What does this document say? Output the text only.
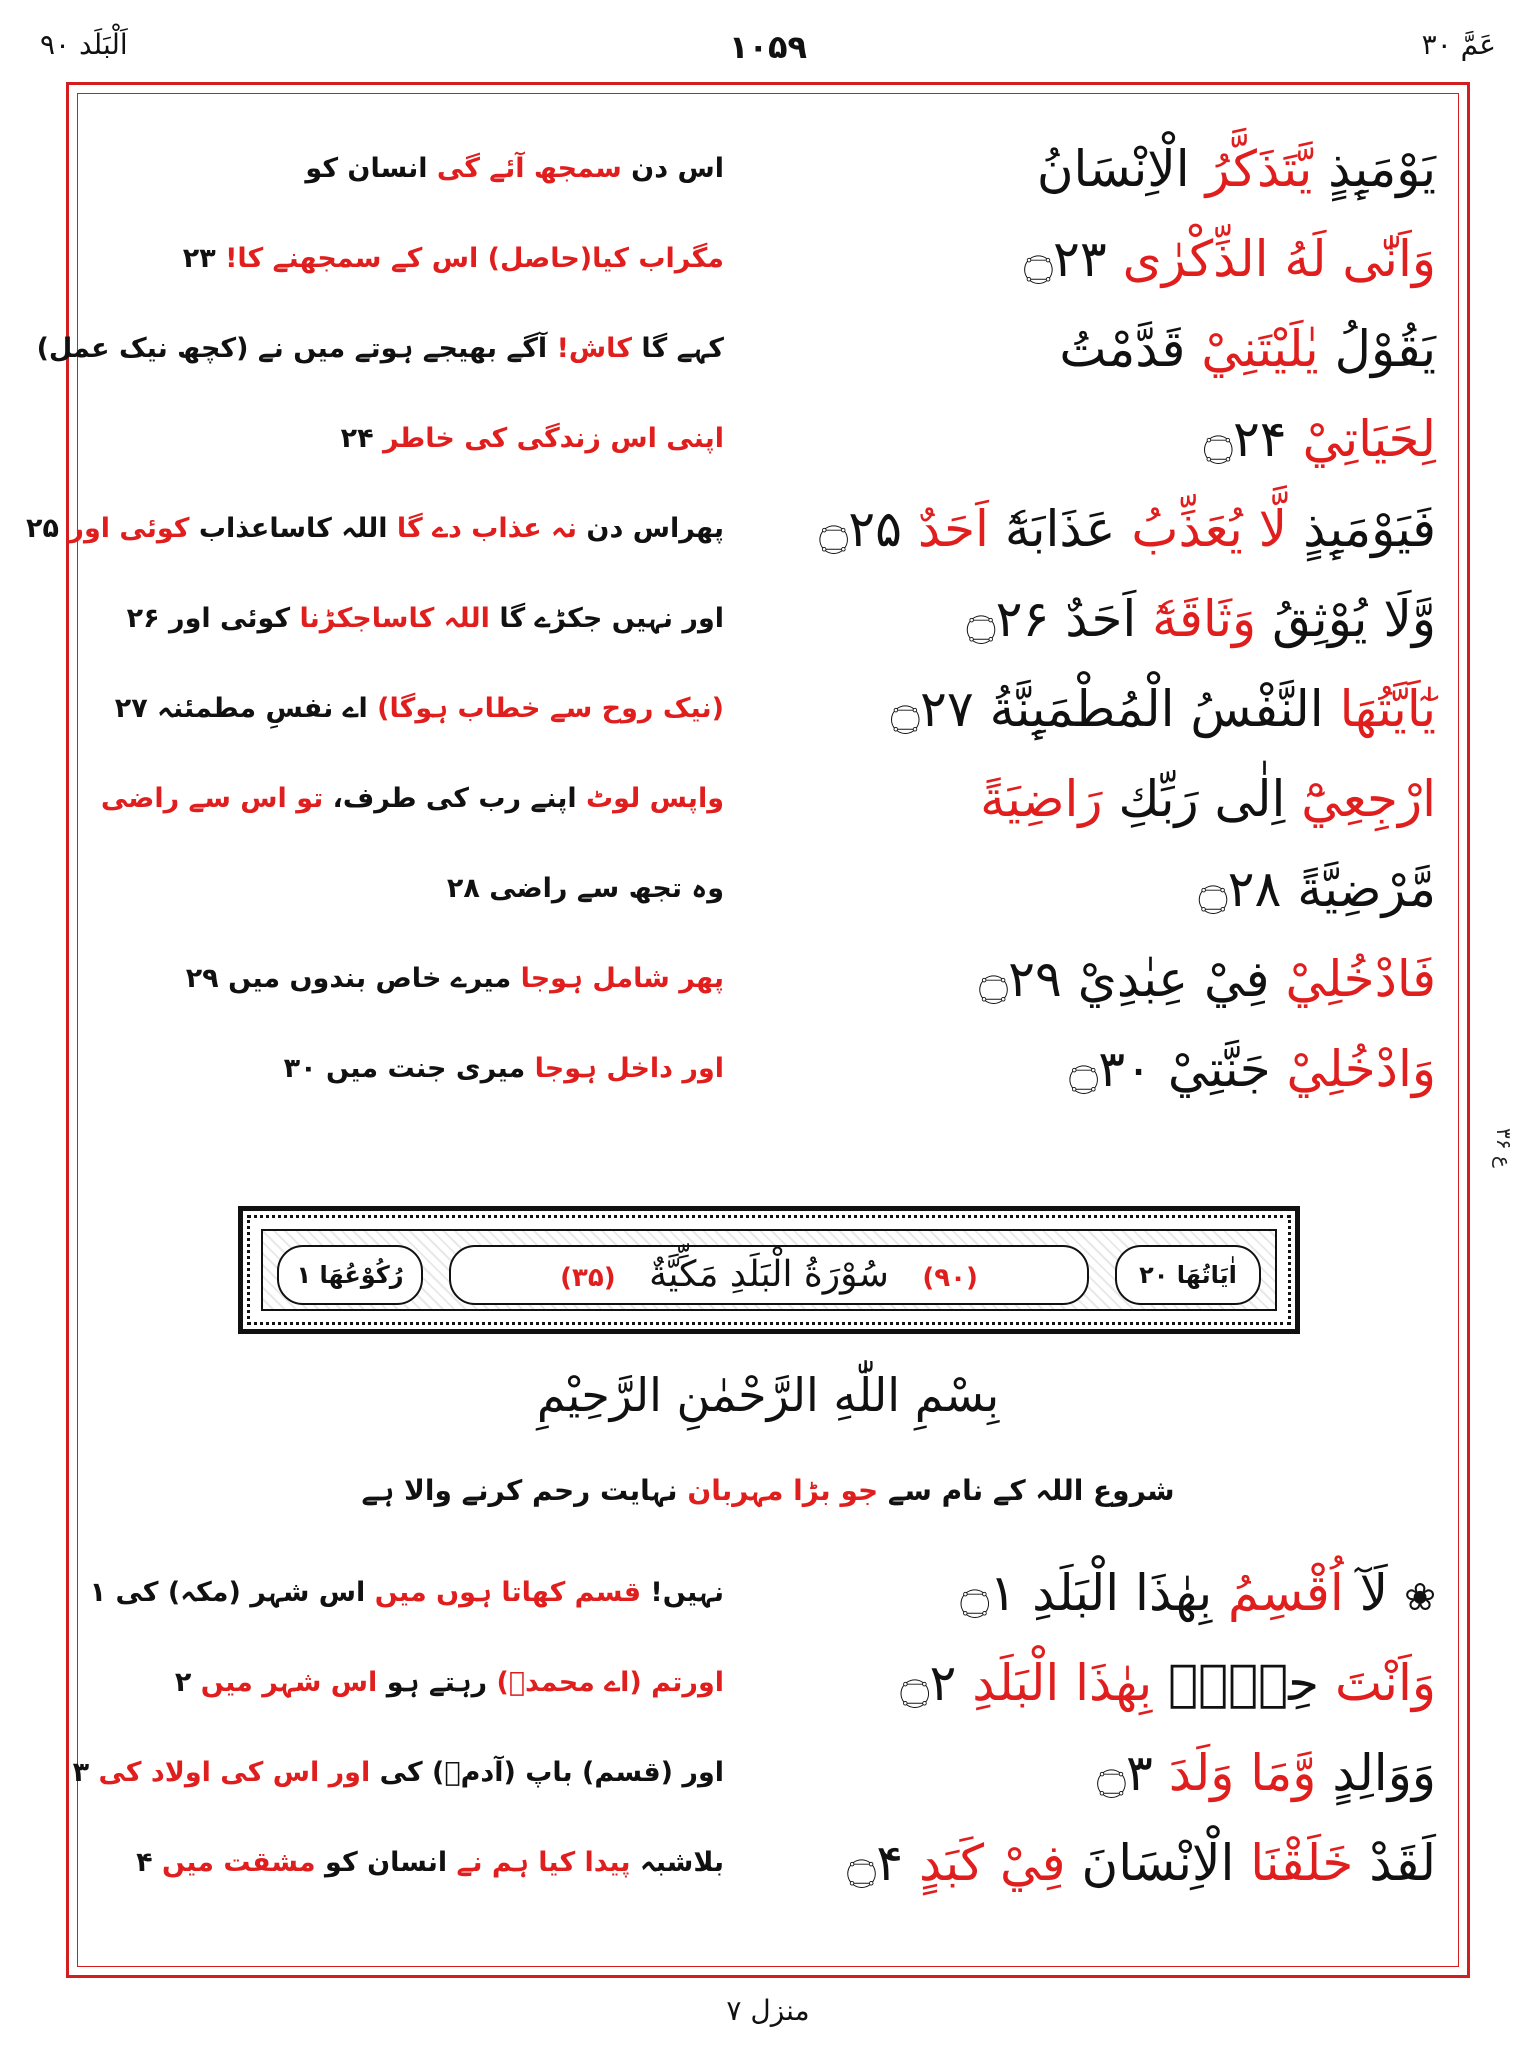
اَلْبَلَد ۹۰	۱۰۵۹	عَمَّ ۳۰
ع ۳۶
يَوْمَىِٕذٍ يَّتَذَكَّرُ الْاِنْسَانُ
اس دن سمجھ آئے گی انسان کو
وَاَنّٰى لَهُ الذِّكْرٰى ۝۲۳
مگراب کیا(حاصل) اس کے سمجھنے کا! ۲۳
يَقُوْلُ يٰلَيْتَنِيْ قَدَّمْتُ
کہے گا کاش! آگے بھیجے ہوتے میں نے (کچھ نیک عمل)
لِحَيَاتِيْ ۝۲۴
اپنی اس زندگی کی خاطر ۲۴
فَيَوْمَىِٕذٍ لَّا يُعَذِّبُ عَذَابَهٗٓ اَحَدٌ ۝۲۵
پھراس دن نہ عذاب دے گا اللہ کاساعذاب کوئی اور ۲۵
وَّلَا يُوْثِقُ وَثَاقَهٗٓ اَحَدٌ ۝۲۶
اور نہیں جکڑے گا اللہ کاساجکڑنا کوئی اور ۲۶
يٰٓاَيَّتُهَا النَّفْسُ الْمُطْمَىِٕنَّةُ ۝۲۷
(نیک روح سے خطاب ہوگا) اے نفسِ مطمئنہ ۲۷
ارْجِعِيْٓ اِلٰى رَبِّكِ رَاضِيَةً
واپس لوٹ اپنے رب کی طرف، تو اس سے راضی
مَّرْضِيَّةً ۝۲۸
وہ تجھ سے راضی ۲۸
فَادْخُلِيْ فِيْ عِبٰدِيْ ۝۲۹
پھر شامل ہوجا میرے خاص بندوں میں ۲۹
وَادْخُلِيْ جَنَّتِيْ ۝۳۰
اور داخل ہوجا میری جنت میں ۳۰
اٰيَاتُهَا ۲۰
(۹۰) سُوْرَةُ الْبَلَدِ مَكِّيَّةٌ (۳۵)
رُكُوْعُهَا ۱
بِسْمِ اللّٰهِ الرَّحْمٰنِ الرَّحِيْمِ
شروع اللہ کے نام سے جو بڑا مہربان نہایت رحم کرنے والا ہے
❀لَآ اُقْسِمُ بِهٰذَا الْبَلَدِ ۝۱
نہیں! قسم کھاتا ہوں میں اس شہر (مکہ) کی ۱
وَاَنْتَ حِلٌّۢ بِهٰذَا الْبَلَدِ ۝۲
اورتم (اے محمدؐ) رہتے ہو اس شہر میں ۲
وَوَالِدٍ وَّمَا وَلَدَ ۝۳
اور (قسم) باپ (آدمؑ) کی اور اس کی اولاد کی ۳
لَقَدْ خَلَقْنَا الْاِنْسَانَ فِيْ كَبَدٍ ۝۴
بلاشبہ پیدا کیا ہم نے انسان کو مشقت میں ۴
منزل ۷
